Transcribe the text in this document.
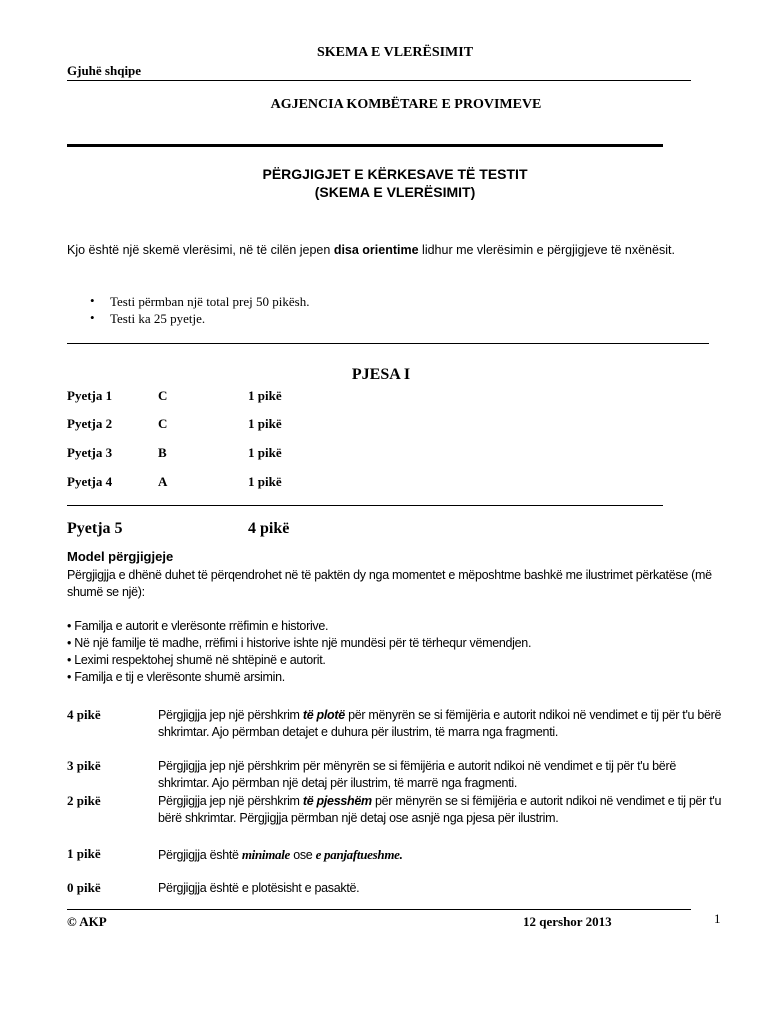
SKEMA E VLERËSIMIT
Gjuhë shqipe
AGJENCIA KOMBËTARE E PROVIMEVE
PËRGJIGJET E KËRKESAVE TË TESTIT
(SKEMA E VLERËSIMIT)
Kjo është një skemë vlerësimi, në të cilën jepen disa orientime lidhur me vlerësimin e përgjigjeve të nxënësit.
• Testi përmban një total prej 50 pikësh.
• Testi ka 25 pyetje.
PJESA I
Pyetja 1	C	1 pikë
Pyetja 2	C	1 pikë
Pyetja 3	B	1 pikë
Pyetja 4	A	1 pikë
Pyetja 5	4 pikë
Model përgjigjeje
Përgjigjja e dhënë duhet të përqendrohet në të paktën dy nga momentet e mëposhtme bashkë me ilustrimet përkatëse (më shumë se një):
• Familja e autorit e vlerësonte rrëfimin e historive.
• Në një familje të madhe, rrëfimi i historive ishte një mundësi për të tërhequr vëmendjen.
• Leximi respektohej shumë në shtëpinë e autorit.
• Familja e tij e vlerësonte shumë arsimin.
4 pikë	Përgjigjja jep një përshkrim të plotë për mënyrën se si fëmijëria e autorit ndikoi në vendimet e tij për t'u bërë shkrimtar. Ajo përmban detajet e duhura për ilustrim, të marra nga fragmenti.
3 pikë	Përgjigjja jep një përshkrim për mënyrën se si fëmijëria e autorit ndikoi në vendimet e tij për t'u bërë shkrimtar. Ajo përmban një detaj për ilustrim, të marrë nga fragmenti.
2 pikë	Përgjigjja jep një përshkrim të pjesshëm për mënyrën se si fëmijëria e autorit ndikoi në vendimet e tij për t'u bërë shkrimtar. Përgjigjja përmban një detaj ose asnjë nga pjesa për ilustrim.
1 pikë	Përgjigjja është minimale ose e panjaftueshme.
0 pikë	Përgjigjja është e plotësisht e pasaktë.
© AKP	12 qershor 2013	1
